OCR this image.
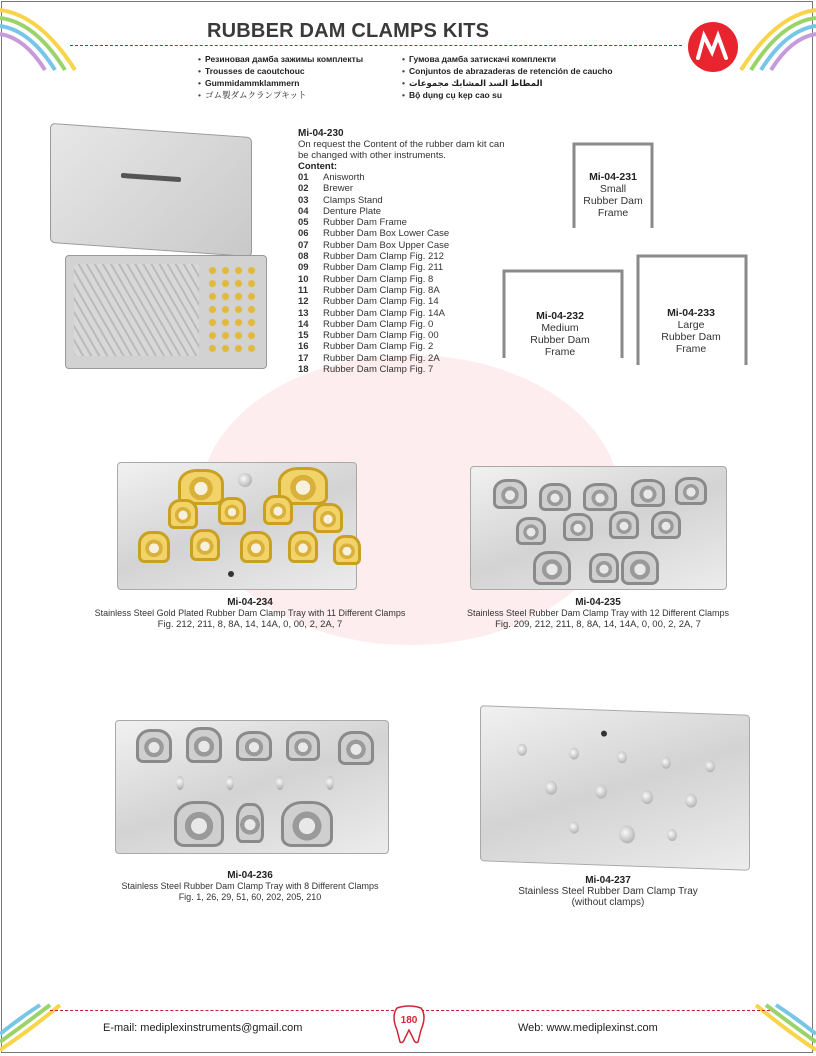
RUBBER DAM CLAMPS KITS
• Резиновая дамба зажимы комплекты
• Trousses de caoutchouc
• Gummidammklammern
• ゴム製ダムクランプキット
• Гумова дамба затискачі комплекти
• Conjuntos de abrazaderas de retención de caucho
• المطاط السد المشابك مجموعات
• Bộ dụng cụ kẹp cao su
Mi-04-230
On request the Content of the rubber dam kit can be changed with other instruments.
Content:
01	Anisworth
02	Brewer
03	Clamps Stand
04	Denture Plate
05	Rubber Dam Frame
06	Rubber Dam Box Lower Case
07	Rubber Dam Box Upper Case
08	Rubber Dam Clamp Fig. 212
09	Rubber Dam Clamp Fig. 211
10	Rubber Dam Clamp Fig. 8
11	Rubber Dam Clamp Fig. 8A
12	Rubber Dam Clamp Fig. 14
13	Rubber Dam Clamp Fig. 14A
14	Rubber Dam Clamp Fig. 0
15	Rubber Dam Clamp Fig. 00
16	Rubber Dam Clamp Fig. 2
17	Rubber Dam Clamp Fig. 2A
18	Rubber Dam Clamp Fig. 7
Mi-04-231
Small
Rubber Dam
Frame
Mi-04-232
Medium
Rubber Dam
Frame
Mi-04-233
Large
Rubber Dam
Frame
Mi-04-234
Stainless Steel Gold Plated Rubber Dam Clamp Tray with 11 Different Clamps
Fig. 212, 211, 8, 8A, 14, 14A, 0, 00, 2, 2A, 7
Mi-04-235
Stainless Steel Rubber Dam Clamp Tray with 12 Different Clamps
Fig. 209, 212, 211, 8, 8A, 14, 14A, 0, 00, 2, 2A, 7
Mi-04-236
Stainless Steel Rubber Dam Clamp Tray with 8 Different Clamps
Fig. 1, 26, 29, 51, 60, 202, 205, 210
Mi-04-237
Stainless Steel Rubber Dam Clamp Tray
(without clamps)
E-mail: mediplexinstruments@gmail.com
180
Web: www.mediplexinst.com
